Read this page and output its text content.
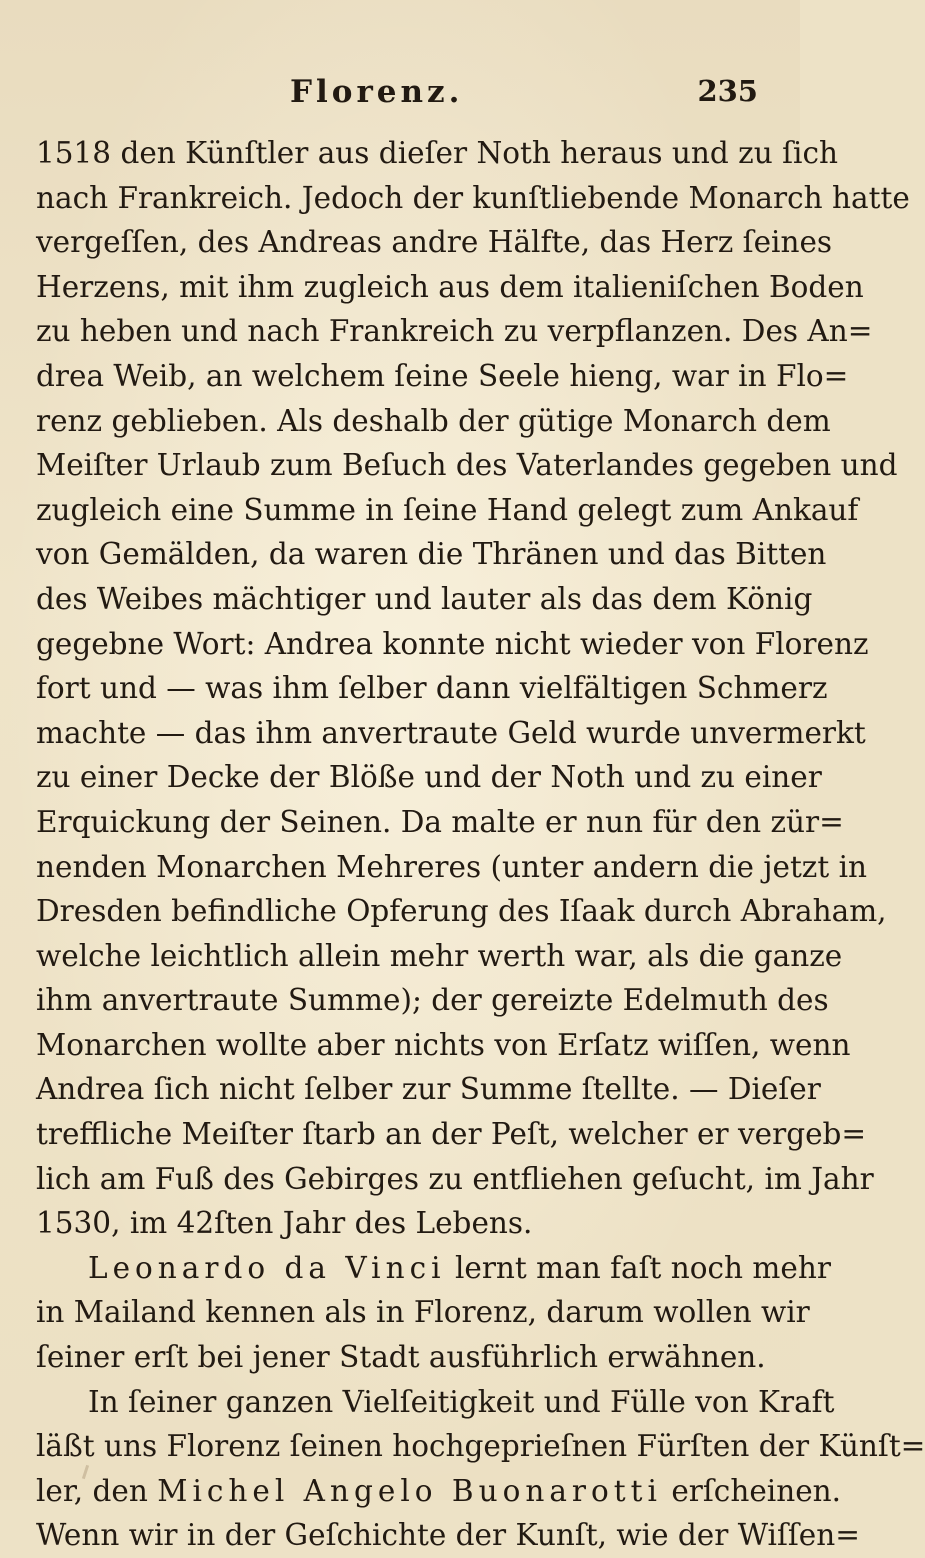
Florenz.	235
1518 den Künſtler aus dieſer Noth heraus und zu ſich
nach Frankreich. Jedoch der kunſtliebende Monarch hatte
vergeſſen, des Andreas andre Hälfte, das Herz ſeines
Herzens, mit ihm zugleich aus dem italieniſchen Boden
zu heben und nach Frankreich zu verpflanzen. Des An=
drea Weib, an welchem ſeine Seele hieng, war in Flo=
renz geblieben. Als deshalb der gütige Monarch dem
Meiſter Urlaub zum Beſuch des Vaterlandes gegeben und
zugleich eine Summe in ſeine Hand gelegt zum Ankauf
von Gemälden, da waren die Thränen und das Bitten
des Weibes mächtiger und lauter als das dem König
gegebne Wort: Andrea konnte nicht wieder von Florenz
fort und — was ihm ſelber dann vielfältigen Schmerz
machte — das ihm anvertraute Geld wurde unvermerkt
zu einer Decke der Blöße und der Noth und zu einer
Erquickung der Seinen. Da malte er nun für den zür=
nenden Monarchen Mehreres (unter andern die jetzt in
Dresden befindliche Opferung des Iſaak durch Abraham,
welche leichtlich allein mehr werth war, als die ganze
ihm anvertraute Summe); der gereizte Edelmuth des
Monarchen wollte aber nichts von Erſatz wiſſen, wenn
Andrea ſich nicht ſelber zur Summe ſtellte. — Dieſer
treffliche Meiſter ſtarb an der Peſt, welcher er vergeb=
lich am Fuß des Gebirges zu entfliehen geſucht, im Jahr
1530, im 42ſten Jahr des Lebens.
Leonardo da Vinci lernt man faſt noch mehr
in Mailand kennen als in Florenz, darum wollen wir
ſeiner erſt bei jener Stadt ausführlich erwähnen.
In ſeiner ganzen Vielſeitigkeit und Fülle von Kraft
läßt uns Florenz ſeinen hochgeprieſnen Fürſten der Künſt=
ler, den Michel Angelo Buonarotti erſcheinen.
Wenn wir in der Geſchichte der Kunſt, wie der Wiſſen=
